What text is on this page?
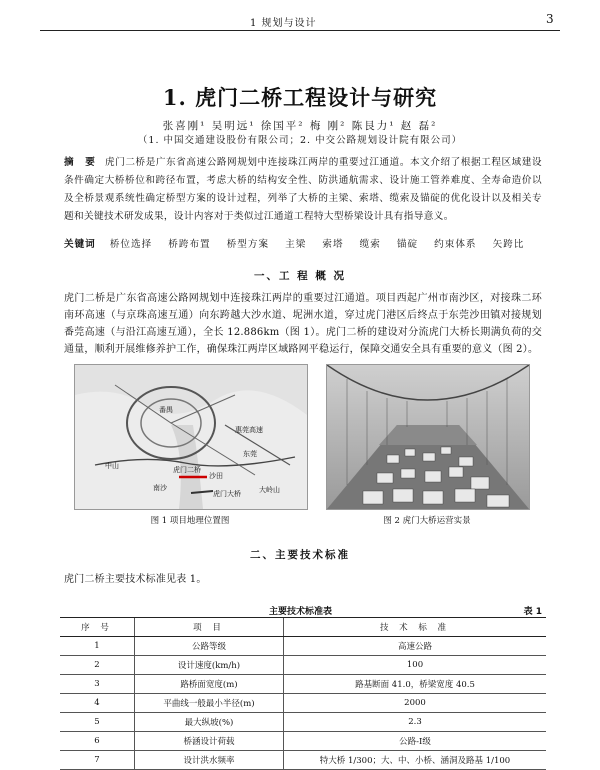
1 规划与设计	3
1. 虎门二桥工程设计与研究
张喜刚¹ 吴明远¹ 徐国平² 梅 刚² 陈艮力¹ 赵 磊²
（1. 中国交通建设股份有限公司；2. 中交公路规划设计院有限公司）
摘 要 虎门二桥是广东省高速公路网规划中连接珠江两岸的重要过江通道。本文介绍了根据工程区域建设条件确定大桥桥位和跨径布置，考虑大桥的结构安全性、防洪通航需求、设计施工管养难度、全寿命造价以及全桥景观系统性确定桥型方案的设计过程，列举了大桥的主梁、索塔、缆索及锚碇的优化设计以及相关专题和关键技术研发成果，设计内容对于类似过江通道工程特大型桥梁设计具有指导意义。
关键词 桥位选择 桥跨布置 桥型方案 主梁 索塔 缆索 锚碇 约束体系 矢跨比
一、工 程 概 况
虎门二桥是广东省高速公路网规划中连接珠江两岸的重要过江通道。项目西起广州市南沙区，对接珠二环南环高速（与京珠高速互通）向东跨越大沙水道、坭洲水道，穿过虎门港区后终点于东莞沙田镇对接规划番莞高速（与沿江高速互通），全长 12.886km（图 1）。虎门二桥的建设对分流虎门大桥长期满负荷的交通量，顺利开展维修养护工作，确保珠江两岸区域路网平稳运行，保障交通安全具有重要的意义（图 2）。
中山
番禺
虎门二桥
沙田
东莞
南沙
虎门大桥
惠莞高速
大岭山
图 1 项目地理位置图	图 2 虎门大桥运营实景
二、主要技术标准
虎门二桥主要技术标准见表 1。
主要技术标准表	表 1
序 号	项 目	技 术 标 准
1	公路等级	高速公路
2	设计速度(km/h)	100
3	路桥面宽度(m)	路基断面 41.0，桥梁宽度 40.5
4	平曲线一般最小半径(m)	2000
5	最大纵坡(%)	2.3
6	桥涵设计荷载	公路-Ⅰ级
7	设计洪水频率	特大桥 1/300；大、中、小桥、涵洞及路基 1/100
